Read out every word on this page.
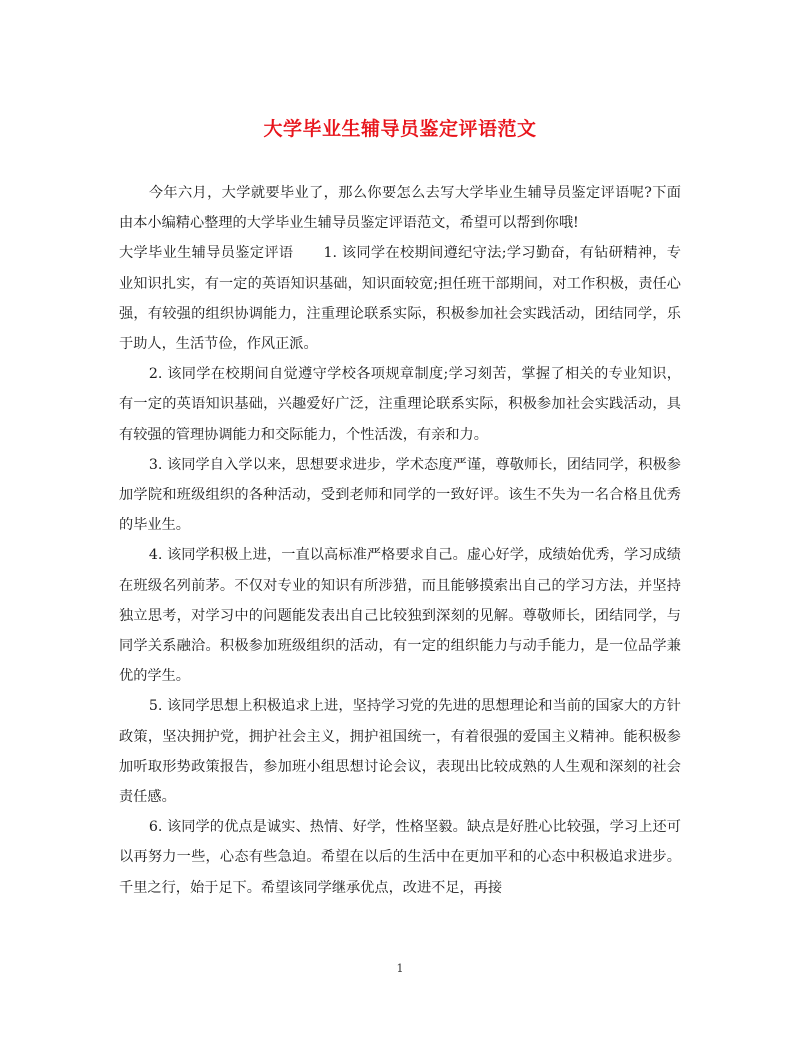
大学毕业生辅导员鉴定评语范文

今年六月，大学就要毕业了，那么你要怎么去写大学毕业生辅导员鉴定评语呢?下面由本小编精心整理的大学毕业生辅导员鉴定评语范文，希望可以帮到你哦!

大学毕业生辅导员鉴定评语 1. 该同学在校期间遵纪守法;学习勤奋，有钻研精神，专业知识扎实，有一定的英语知识基础，知识面较宽;担任班干部期间，对工作积极，责任心强，有较强的组织协调能力，注重理论联系实际，积极参加社会实践活动，团结同学，乐于助人，生活节俭，作风正派。

2. 该同学在校期间自觉遵守学校各项规章制度;学习刻苦，掌握了相关的专业知识，有一定的英语知识基础，兴趣爱好广泛，注重理论联系实际，积极参加社会实践活动，具有较强的管理协调能力和交际能力，个性活泼，有亲和力。

3. 该同学自入学以来，思想要求进步，学术态度严谨，尊敬师长，团结同学，积极参加学院和班级组织的各种活动，受到老师和同学的一致好评。该生不失为一名合格且优秀的毕业生。

4. 该同学积极上进，一直以高标准严格要求自己。虚心好学，成绩始优秀，学习成绩在班级名列前茅。不仅对专业的知识有所涉猎，而且能够摸索出自己的学习方法，并坚持独立思考，对学习中的问题能发表出自己比较独到深刻的见解。尊敬师长，团结同学，与同学关系融洽。积极参加班级组织的活动，有一定的组织能力与动手能力，是一位品学兼优的学生。

5. 该同学思想上积极追求上进，坚持学习党的先进的思想理论和当前的国家大的方针政策，坚决拥护党，拥护社会主义，拥护祖国统一，有着很强的爱国主义精神。能积极参加听取形势政策报告，参加班小组思想讨论会议，表现出比较成熟的人生观和深刻的社会责任感。

6. 该同学的优点是诚实、热情、好学，性格坚毅。缺点是好胜心比较强，学习上还可以再努力一些，心态有些急迫。希望在以后的生活中在更加平和的心态中积极追求进步。千里之行，始于足下。希望该同学继承优点，改进不足，再接

1
